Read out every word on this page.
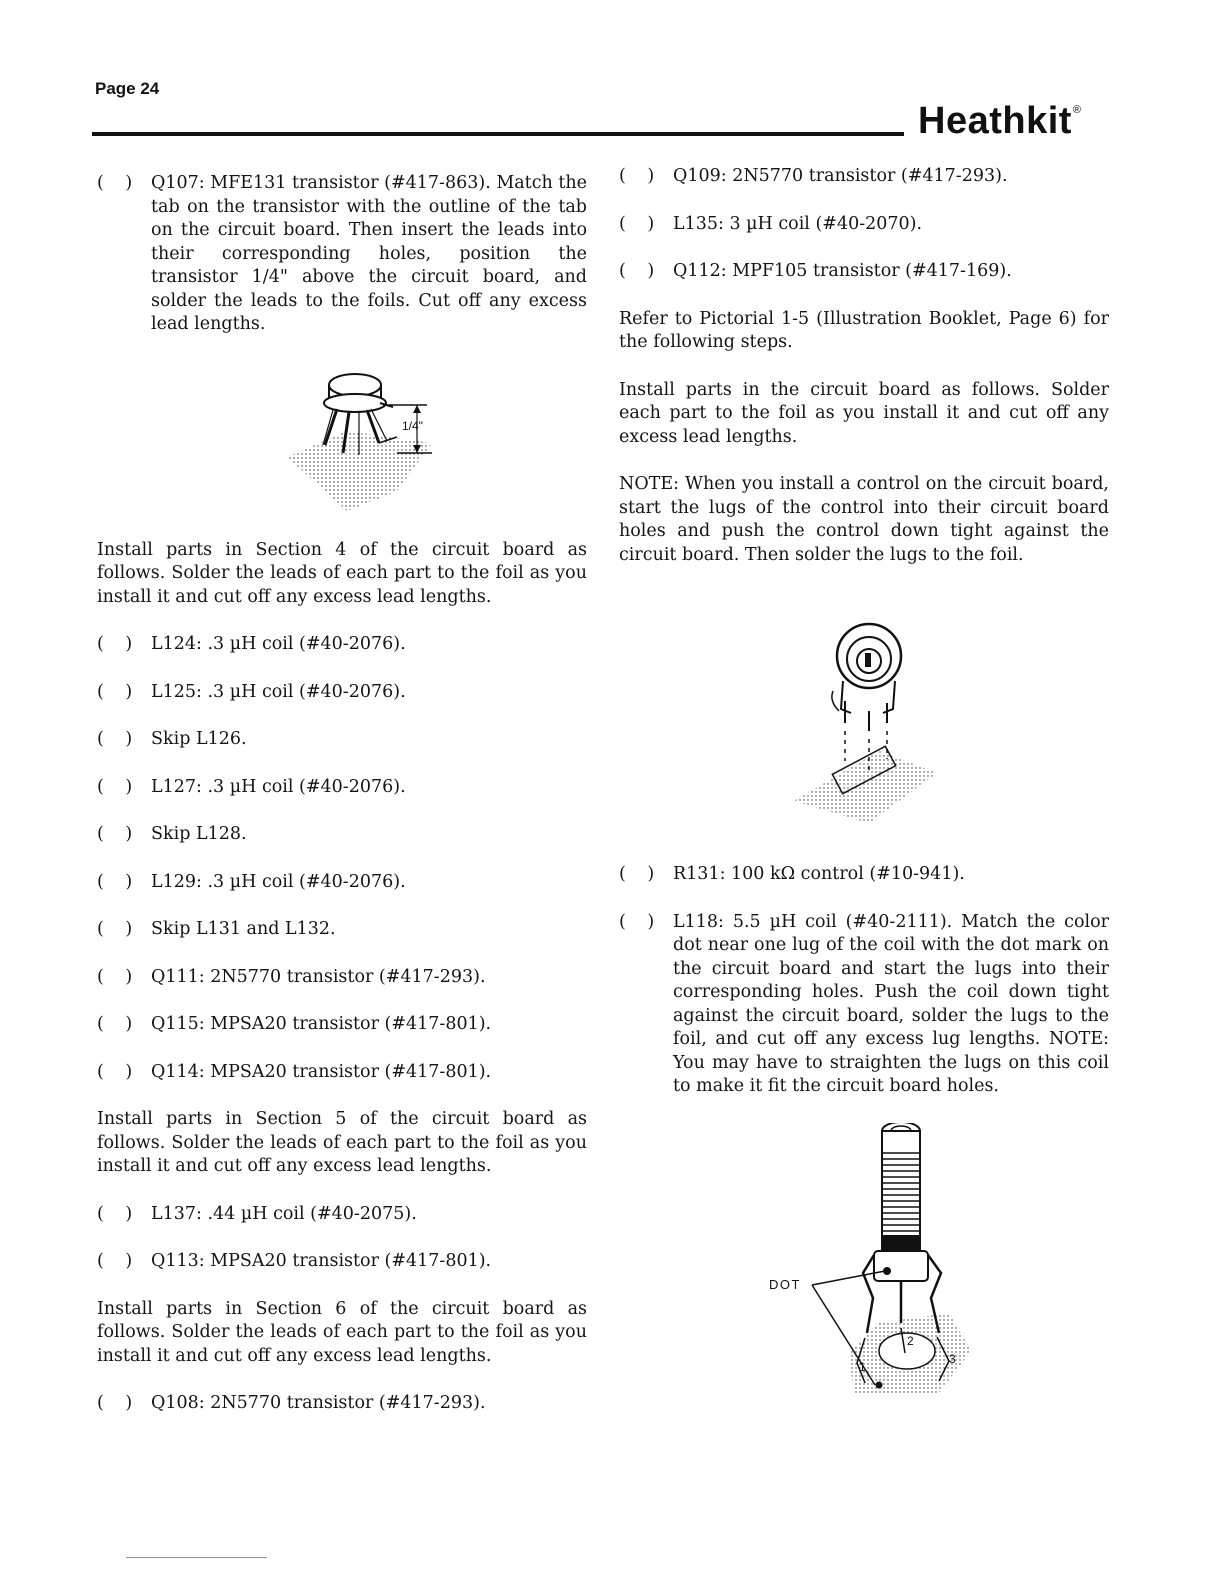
Page 24
Heathkit®
( ) Q107: MFE131 transistor (#417-863). Match the tab on the transistor with the outline of the tab on the circuit board. Then insert the leads into their corresponding holes, position the transistor 1/4" above the circuit board, and solder the leads to the foils. Cut off any excess lead lengths.
1/4"
Install parts in Section 4 of the circuit board as follows. Solder the leads of each part to the foil as you install it and cut off any excess lead lengths.
( ) L124: .3 µH coil (#40-2076).
( ) L125: .3 µH coil (#40-2076).
( ) Skip L126.
( ) L127: .3 µH coil (#40-2076).
( ) Skip L128.
( ) L129: .3 µH coil (#40-2076).
( ) Skip L131 and L132.
( ) Q111: 2N5770 transistor (#417-293).
( ) Q115: MPSA20 transistor (#417-801).
( ) Q114: MPSA20 transistor (#417-801).
Install parts in Section 5 of the circuit board as follows. Solder the leads of each part to the foil as you install it and cut off any excess lead lengths.
( ) L137: .44 µH coil (#40-2075).
( ) Q113: MPSA20 transistor (#417-801).
Install parts in Section 6 of the circuit board as follows. Solder the leads of each part to the foil as you install it and cut off any excess lead lengths.
( ) Q108: 2N5770 transistor (#417-293).
( ) Q109: 2N5770 transistor (#417-293).
( ) L135: 3 µH coil (#40-2070).
( ) Q112: MPF105 transistor (#417-169).
Refer to Pictorial 1-5 (Illustration Booklet, Page 6) for the following steps.
Install parts in the circuit board as follows. Solder each part to the foil as you install it and cut off any excess lead lengths.
NOTE: When you install a control on the circuit board, start the lugs of the control into their circuit board holes and push the control down tight against the circuit board. Then solder the lugs to the foil.
( ) R131: 100 kΩ control (#10-941).
( ) L118: 5.5 µH coil (#40-2111). Match the color dot near one lug of the coil with the dot mark on the circuit board and start the lugs into their corresponding holes. Push the coil down tight against the circuit board, solder the lugs to the foil, and cut off any excess lug lengths. NOTE: You may have to straighten the lugs on this coil to make it fit the circuit board holes.
DOT
1
2
3
